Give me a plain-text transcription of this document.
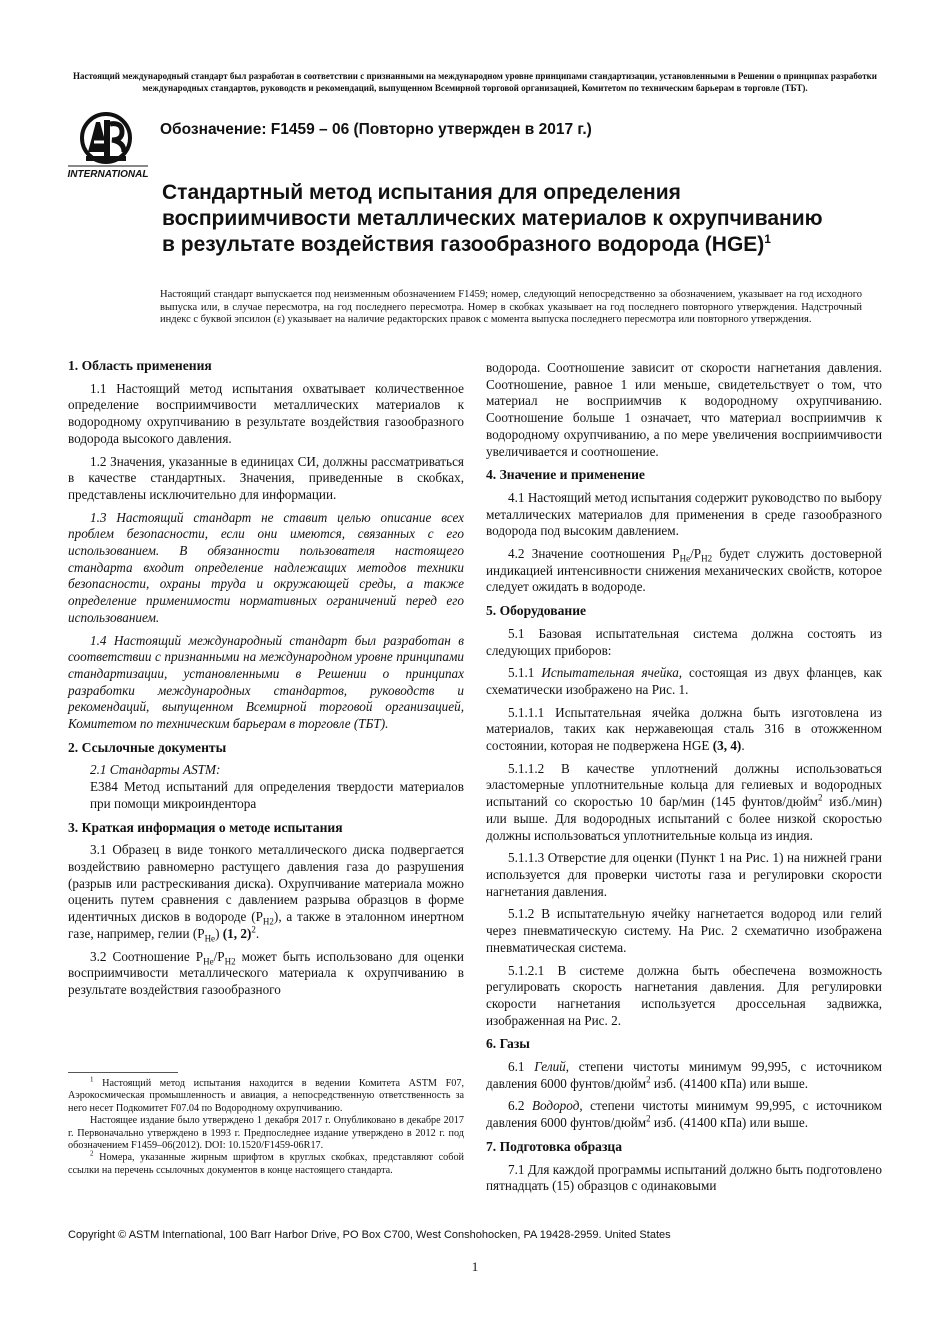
Настоящий международный стандарт был разработан в соответствии с признанными на международном уровне принципами стандартизации, установленными в Решении о принципах разработки международных стандартов, руководств и рекомендаций, выпущенном Всемирной торговой организацией, Комитетом по техническим барьерам в торговле (ТБТ).
INTERNATIONAL
Обозначение: F1459 – 06 (Повторно утвержден в 2017 г.)
Стандартный метод испытания для определения
восприимчивости металлических материалов к охрупчиванию
в результате воздействия газообразного водорода (HGE)$^1$
Настоящий стандарт выпускается под неизменным обозначением F1459; номер, следующий непосредственно за обозначением, указывает на год исходного выпуска или, в случае пересмотра, на год последнего пересмотра. Номер в скобках указывает на год последнего повторного утверждения. Надстрочный индекс с буквой эпсилон (ε) указывает на наличие редакторских правок с момента выпуска последнего пересмотра или повторного утверждения.
1. Область применения

1.1 Настоящий метод испытания охватывает количественное определение восприимчивости металлических материалов к водородному охрупчиванию в результате воздействия газообразного водорода высокого давления.

1.2 Значения, указанные в единицах СИ, должны рассматриваться в качестве стандартных. Значения, приведенные в скобках, представлены исключительно для информации.

1.3 Настоящий стандарт не ставит целью описание всех проблем безопасности, если они имеются, связанных с его использованием. В обязанности пользователя настоящего стандарта входит определение надлежащих методов техники безопасности, охраны труда и окружающей среды, а также определение применимости нормативных ограничений перед его использованием.

1.4 Настоящий международный стандарт был разработан в соответствии с признанными на международном уровне принципами стандартизации, установленными в Решении о принципах разработки международных стандартов, руководств и рекомендаций, выпущенном Всемирной торговой организацией, Комитетом по техническим барьерам в торговле (ТБТ).

2. Ссылочные документы

2.1 Стандарты ASTM:

E384 Метод испытаний для определения твердости материалов при помощи микроиндентора

3. Краткая информация о методе испытания

3.1 Образец в виде тонкого металлического диска подвергается воздействию равномерно растущего давления газа до разрушения (разрыв или растрескивания диска). Охрупчивание материала можно оценить путем сравнения с давлением разрыва образцов в форме идентичных дисков в водороде $(P_{H2})$, а также в эталонном инертном газе, например, гелии $(P_{He})$ (1, 2)$^2$.

3.2 Соотношение $P_{He}/P_{H2}$ может быть использовано для оценки восприимчивости металлического материала к охрупчиванию в результате воздействия газообразного

$^1$ Настоящий метод испытания находится в ведении Комитета ASTM F07, Аэрокосмическая промышленность и авиация, а непосредственную ответственность за него несет Подкомитет F07.04 по Водородному охрупчиванию.

Настоящее издание было утверждено 1 декабря 2017 г. Опубликовано в декабре 2017 г. Первоначально утверждено в 1993 г. Предпоследнее издание утверждено в 2012 г. под обозначением F1459–06(2012). DOI: 10.1520/F1459-06R17.

$^2$ Номера, указанные жирным шрифтом в круглых скобках, представляют собой ссылки на перечень ссылочных документов в конце настоящего стандарта.

водорода. Соотношение зависит от скорости нагнетания давления. Соотношение, равное 1 или меньше, свидетельствует о том, что материал не восприимчив к водородному охрупчиванию. Соотношение больше 1 означает, что материал восприимчив к водородному охрупчиванию, а по мере увеличения восприимчивости увеличивается и соотношение.

4. Значение и применение

4.1 Настоящий метод испытания содержит руководство по выбору металлических материалов для применения в среде газообразного водорода под высоким давлением.

4.2 Значение соотношения $P_{He}/P_{H2}$ будет служить достоверной индикацией интенсивности снижения механических свойств, которое следует ожидать в водороде.

5. Оборудование

5.1 Базовая испытательная система должна состоять из следующих приборов:

5.1.1 Испытательная ячейка, состоящая из двух фланцев, как схематически изображено на Рис. 1.

5.1.1.1 Испытательная ячейка должна быть изготовлена из материалов, таких как нержавеющая сталь 316 в отожженном состоянии, которая не подвержена HGE (3, 4).

5.1.1.2 В качестве уплотнений должны использоваться эластомерные уплотнительные кольца для гелиевых и водородных испытаний со скоростью 10 бар/мин (145 фунтов/дюйм$^2$ изб./мин) или выше. Для водородных испытаний с более низкой скоростью должны использоваться уплотнительные кольца из индия.

5.1.1.3 Отверстие для оценки (Пункт 1 на Рис. 1) на нижней грани используется для проверки чистоты газа и регулировки скорости нагнетания давления.

5.1.2 В испытательную ячейку нагнетается водород или гелий через пневматическую систему. На Рис. 2 схематично изображена пневматическая система.

5.1.2.1 В системе должна быть обеспечена возможность регулировать скорость нагнетания давления. Для регулировки скорости нагнетания используется дроссельная задвижка, изображенная на Рис. 2.

6. Газы

6.1 Гелий, степени чистоты минимум 99,995, с источником давления 6000 фунтов/дюйм$^2$ изб. (41400 кПа) или выше.

6.2 Водород, степени чистоты минимум 99,995, с источником давления 6000 фунтов/дюйм$^2$ изб. (41400 кПа) или выше.

7. Подготовка образца

7.1 Для каждой программы испытаний должно быть подготовлено пятнадцать (15) образцов с одинаковыми

Copyright © ASTM International, 100 Barr Harbor Drive, PO Box C700, West Conshohocken, PA 19428-2959. United States
1
